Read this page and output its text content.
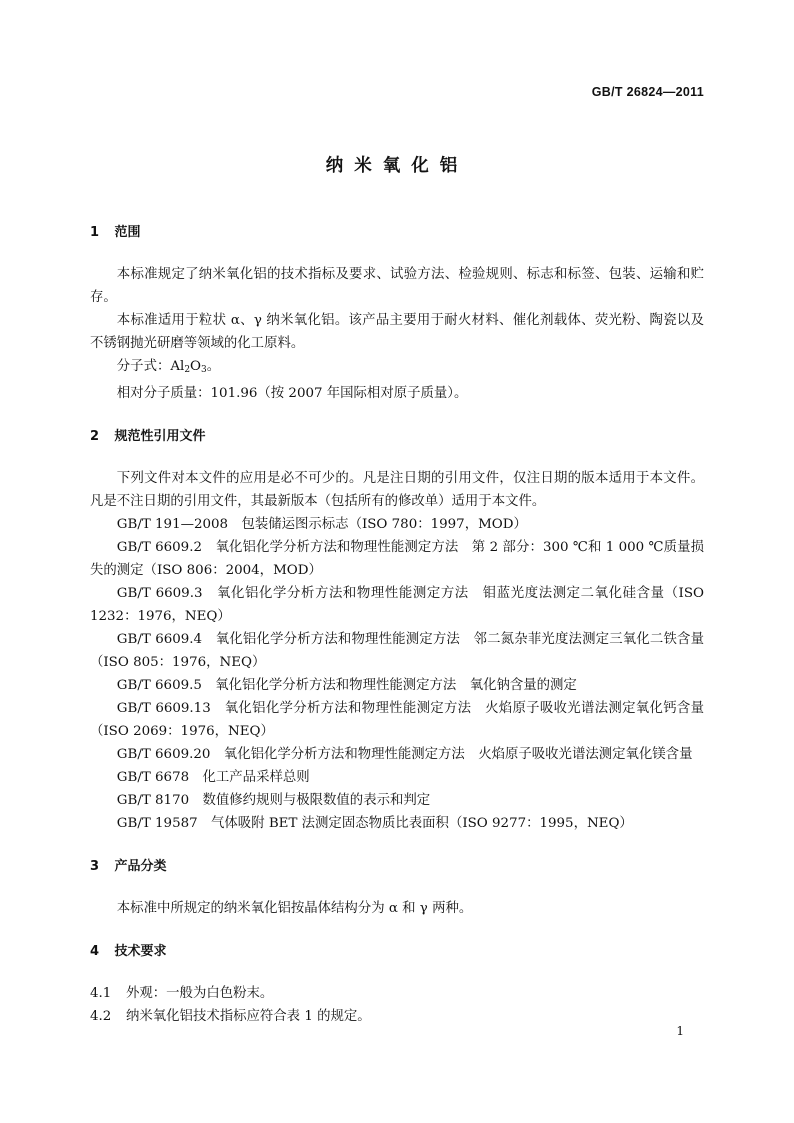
GB/T 26824—2011
纳米氧化铝
1 范围
本标准规定了纳米氧化铝的技术指标及要求、试验方法、检验规则、标志和标签、包装、运输和贮存。
本标准适用于粒状 α、γ 纳米氧化铝。该产品主要用于耐火材料、催化剂载体、荧光粉、陶瓷以及不锈钢抛光研磨等领域的化工原料。
分子式：$Al_2O_3$。
相对分子质量：101.96（按 2007 年国际相对原子质量）。
2 规范性引用文件
下列文件对本文件的应用是必不可少的。凡是注日期的引用文件，仅注日期的版本适用于本文件。凡是不注日期的引用文件，其最新版本（包括所有的修改单）适用于本文件。
GB/T 191—2008　包装储运图示标志（ISO 780：1997，MOD）
GB/T 6609.2　氧化铝化学分析方法和物理性能测定方法　第 2 部分：300 ℃和 1 000 ℃质量损失的测定（ISO 806：2004，MOD）
GB/T 6609.3　氧化铝化学分析方法和物理性能测定方法　钼蓝光度法测定二氧化硅含量（ISO 1232：1976，NEQ）
GB/T 6609.4　氧化铝化学分析方法和物理性能测定方法　邻二氮杂菲光度法测定三氧化二铁含量（ISO 805：1976，NEQ）
GB/T 6609.5　氧化铝化学分析方法和物理性能测定方法　氧化钠含量的测定
GB/T 6609.13　氧化铝化学分析方法和物理性能测定方法　火焰原子吸收光谱法测定氧化钙含量（ISO 2069：1976，NEQ）
GB/T 6609.20　氧化铝化学分析方法和物理性能测定方法　火焰原子吸收光谱法测定氧化镁含量
GB/T 6678　化工产品采样总则
GB/T 8170　数值修约规则与极限数值的表示和判定
GB/T 19587　气体吸附 BET 法测定固态物质比表面积（ISO 9277：1995，NEQ）
3 产品分类
本标准中所规定的纳米氧化铝按晶体结构分为 α 和 γ 两种。
4 技术要求
4.1 外观：一般为白色粉末。
4.2 纳米氧化铝技术指标应符合表 1 的规定。
1
